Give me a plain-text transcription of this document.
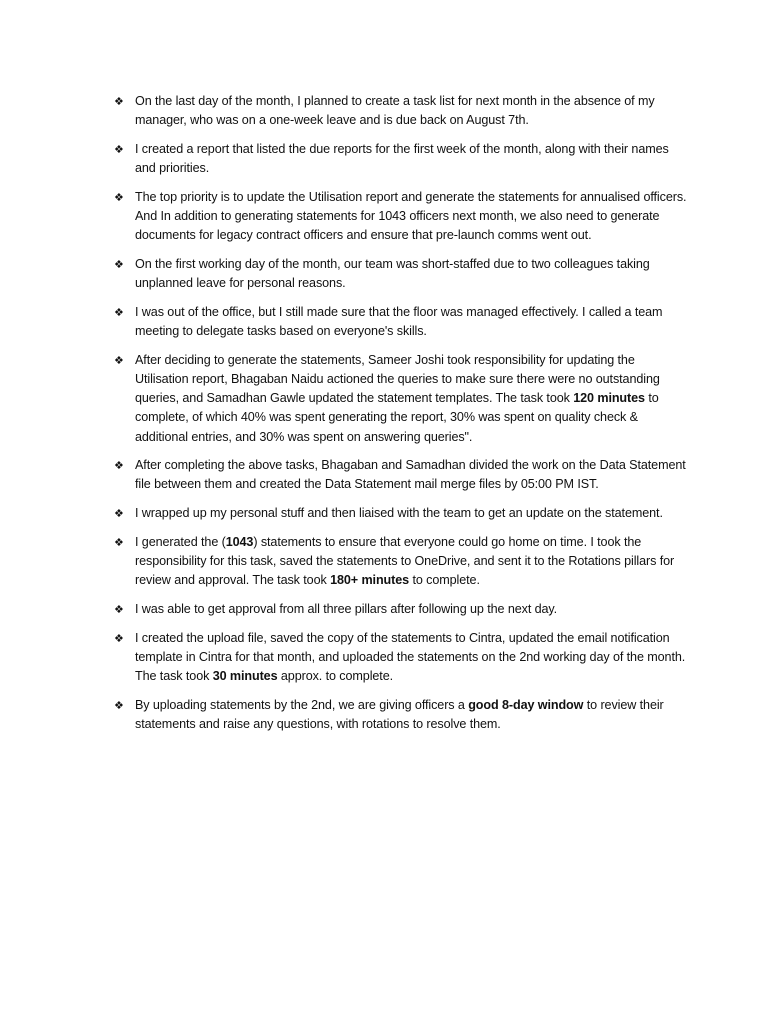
❖ On the last day of the month, I planned to create a task list for next month in the absence of my manager, who was on a one-week leave and is due back on August 7th.
❖ I created a report that listed the due reports for the first week of the month, along with their names and priorities.
❖ The top priority is to update the Utilisation report and generate the statements for annualised officers. And In addition to generating statements for 1043 officers next month, we also need to generate documents for legacy contract officers and ensure that pre-launch comms went out.
❖ On the first working day of the month, our team was short-staffed due to two colleagues taking unplanned leave for personal reasons.
❖ I was out of the office, but I still made sure that the floor was managed effectively. I called a team meeting to delegate tasks based on everyone's skills.
❖ After deciding to generate the statements, Sameer Joshi took responsibility for updating the Utilisation report, Bhagaban Naidu actioned the queries to make sure there were no outstanding queries, and Samadhan Gawle updated the statement templates. The task took 120 minutes to complete, of which 40% was spent generating the report, 30% was spent on quality check & additional entries, and 30% was spent on answering queries".
❖ After completing the above tasks, Bhagaban and Samadhan divided the work on the Data Statement file between them and created the Data Statement mail merge files by 05:00 PM IST.
❖ I wrapped up my personal stuff and then liaised with the team to get an update on the statement.
❖ I generated the (1043) statements to ensure that everyone could go home on time. I took the responsibility for this task, saved the statements to OneDrive, and sent it to the Rotations pillars for review and approval. The task took 180+ minutes to complete.
❖ I was able to get approval from all three pillars after following up the next day.
❖ I created the upload file, saved the copy of the statements to Cintra, updated the email notification template in Cintra for that month, and uploaded the statements on the 2nd working day of the month. The task took 30 minutes approx. to complete.
❖ By uploading statements by the 2nd, we are giving officers a good 8-day window to review their statements and raise any questions, with rotations to resolve them.
